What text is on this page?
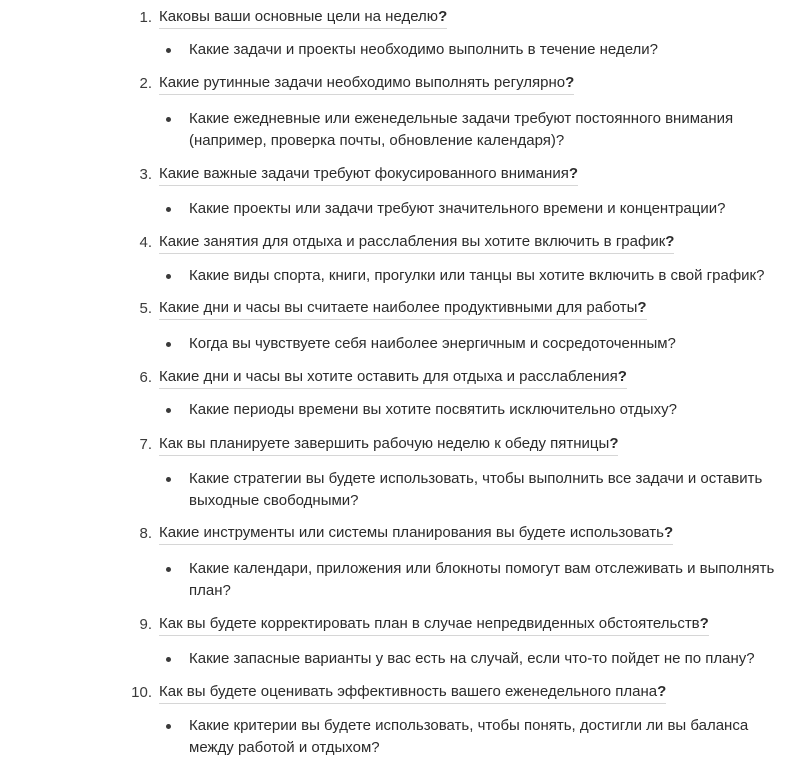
1. Каковы ваши основные цели на неделю?
Какие задачи и проекты необходимо выполнить в течение недели?
2. Какие рутинные задачи необходимо выполнять регулярно?
Какие ежедневные или еженедельные задачи требуют постоянного внимания (например, проверка почты, обновление календаря)?
3. Какие важные задачи требуют фокусированного внимания?
Какие проекты или задачи требуют значительного времени и концентрации?
4. Какие занятия для отдыха и расслабления вы хотите включить в график?
Какие виды спорта, книги, прогулки или танцы вы хотите включить в свой график?
5. Какие дни и часы вы считаете наиболее продуктивными для работы?
Когда вы чувствуете себя наиболее энергичным и сосредоточенным?
6. Какие дни и часы вы хотите оставить для отдыха и расслабления?
Какие периоды времени вы хотите посвятить исключительно отдыху?
7. Как вы планируете завершить рабочую неделю к обеду пятницы?
Какие стратегии вы будете использовать, чтобы выполнить все задачи и оставить выходные свободными?
8. Какие инструменты или системы планирования вы будете использовать?
Какие календари, приложения или блокноты помогут вам отслеживать и выполнять план?
9. Как вы будете корректировать план в случае непредвиденных обстоятельств?
Какие запасные варианты у вас есть на случай, если что-то пойдет не по плану?
10. Как вы будете оценивать эффективность вашего еженедельного плана?
Какие критерии вы будете использовать, чтобы понять, достигли ли вы баланса между работой и отдыхом?
